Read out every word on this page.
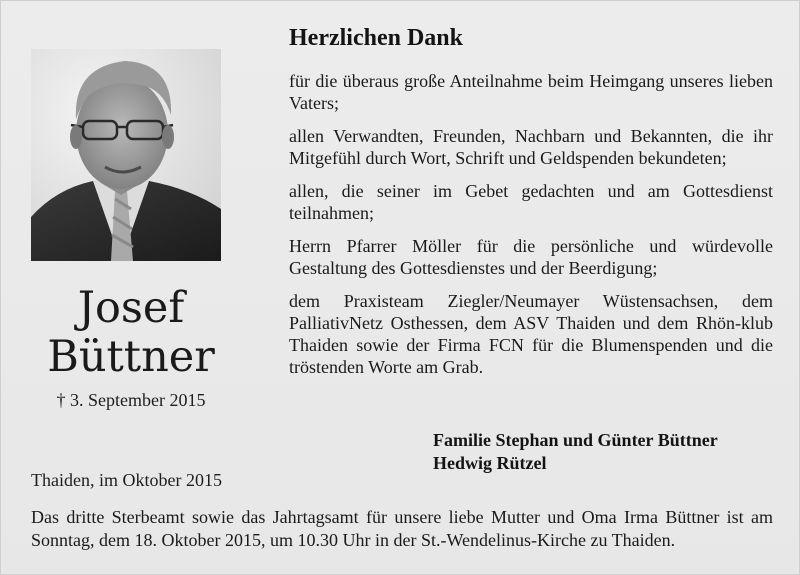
Josef
Büttner
† 3. September 2015
Thaiden, im Oktober 2015
Herzlichen Dank

für die überaus große Anteilnahme beim Heimgang unseres lieben Vaters;

allen Verwandten, Freunden, Nachbarn und Bekannten, die ihr Mitgefühl durch Wort, Schrift und Geldspenden bekundeten;

allen, die seiner im Gebet gedachten und am Gottesdienst teilnahmen;

Herrn Pfarrer Möller für die persönliche und würdevolle Gestaltung des Gottesdienstes und der Beerdigung;

dem Praxisteam Ziegler/Neumayer Wüstensachsen, dem PalliativNetz Osthessen, dem ASV Thaiden und dem Rhön-klub Thaiden sowie der Firma FCN für die Blumenspenden und die tröstenden Worte am Grab.

Familie Stephan und Günter Büttner
Hedwig Rützel
Das dritte Sterbeamt sowie das Jahrtagsamt für unsere liebe Mutter und Oma Irma Büttner ist am Sonntag, dem 18. Oktober 2015, um 10.30 Uhr in der St.-Wendelinus-Kirche zu Thaiden.
